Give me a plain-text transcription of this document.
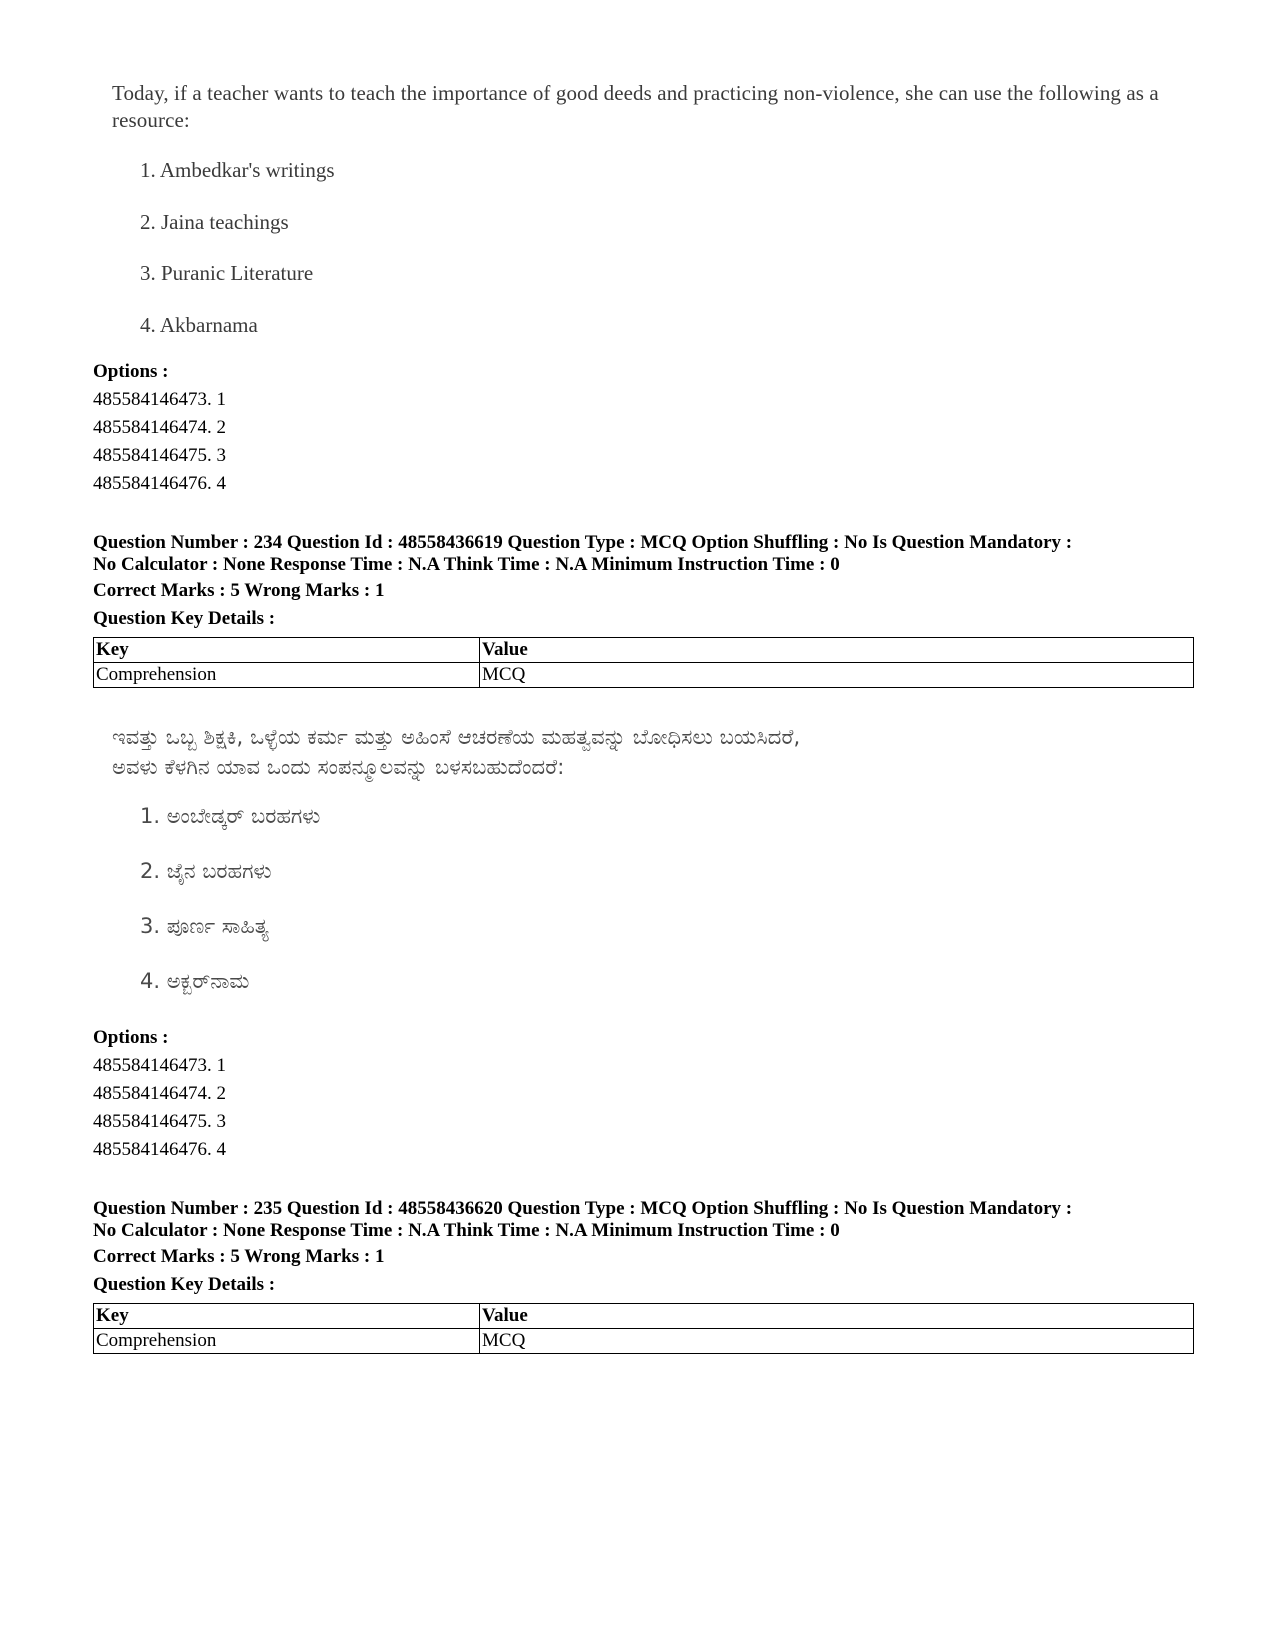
Today, if a teacher wants to teach the importance of good deeds and practicing non-violence, she can use the following as a resource:

1. Ambedkar's writings
2. Jaina teachings
3. Puranic Literature
4. Akbarnama
Options :
485584146473. 1
485584146474. 2
485584146475. 3
485584146476. 4
Question Number : 234 Question Id : 48558436619 Question Type : MCQ Option Shuffling : No Is Question Mandatory :
No Calculator : None Response Time : N.A Think Time : N.A Minimum Instruction Time : 0
Correct Marks : 5 Wrong Marks : 1
Question Key Details :
Key	Value
Comprehension	MCQ

ಇವತ್ತು ಒಬ್ಬ ಶಿಕ್ಷಕಿ, ಒಳ್ಳೆಯ ಕರ್ಮ ಮತ್ತು ಅಹಿಂಸೆ ಆಚರಣೆಯ ಮಹತ್ವವನ್ನು ಬೋಧಿಸಲು ಬಯಸಿದರೆ,

ಅವಳು ಕೆಳಗಿನ ಯಾವ ಒಂದು ಸಂಪನ್ಮೂಲವನ್ನು ಬಳಸಬಹುದೆಂದರೆ:

1. ಅಂಬೇಡ್ಕರ್ ಬರಹಗಳು
2. ಜೈನ ಬರಹಗಳು
3. ಪೂರ್ಣ ಸಾಹಿತ್ಯ
4. ಅಕ್ಬರ್‌ನಾಮ
Options :
485584146473. 1
485584146474. 2
485584146475. 3
485584146476. 4
Question Number : 235 Question Id : 48558436620 Question Type : MCQ Option Shuffling : No Is Question Mandatory :
No Calculator : None Response Time : N.A Think Time : N.A Minimum Instruction Time : 0
Correct Marks : 5 Wrong Marks : 1
Question Key Details :
Key	Value
Comprehension	MCQ
